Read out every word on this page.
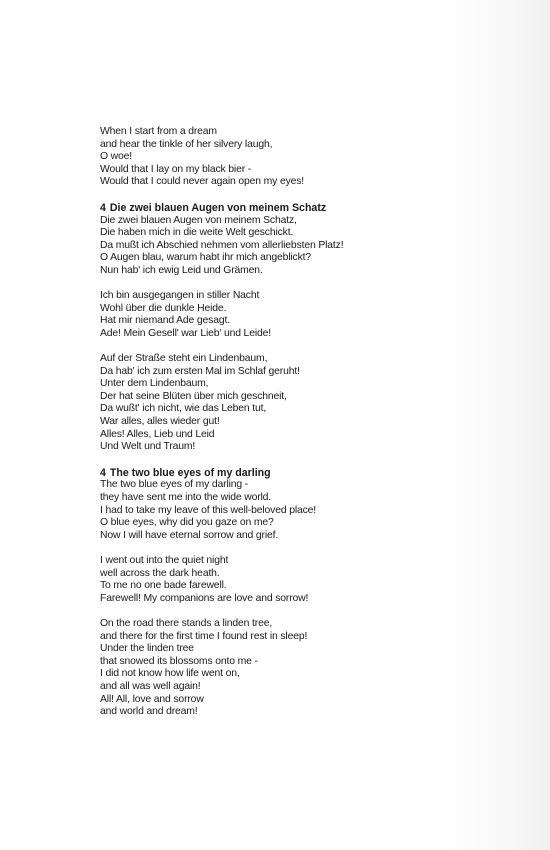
When I start from a dream
and hear the tinkle of her silvery laugh,
O woe!
Would that I lay on my black bier -
Would that I could never again open my eyes!
4 Die zwei blauen Augen von meinem Schatz
Die zwei blauen Augen von meinem Schatz,
Die haben mich in die weite Welt geschickt.
Da mußt ich Abschied nehmen vom allerliebsten Platz!
O Augen blau, warum habt ihr mich angeblickt?
Nun hab' ich ewig Leid und Grämen.
Ich bin ausgegangen in stiller Nacht
Wohl über die dunkle Heide.
Hat mir niemand Ade gesagt.
Ade! Mein Gesell' war Lieb' und Leide!
Auf der Straße steht ein Lindenbaum,
Da hab' ich zum ersten Mal im Schlaf geruht!
Unter dem Lindenbaum,
Der hat seine Blüten über mich geschneit,
Da wußt' ich nicht, wie das Leben tut,
War alles, alles wieder gut!
Alles! Alles, Lieb und Leid
Und Welt und Traum!
4 The two blue eyes of my darling
The two blue eyes of my darling -
they have sent me into the wide world.
I had to take my leave of this well-beloved place!
O blue eyes, why did you gaze on me?
Now I will have eternal sorrow and grief.
I went out into the quiet night
well across the dark heath.
To me no one bade farewell.
Farewell! My companions are love and sorrow!
On the road there stands a linden tree,
and there for the first time I found rest in sleep!
Under the linden tree
that snowed its blossoms onto me -
I did not know how life went on,
and all was well again!
All! All, love and sorrow
and world and dream!
